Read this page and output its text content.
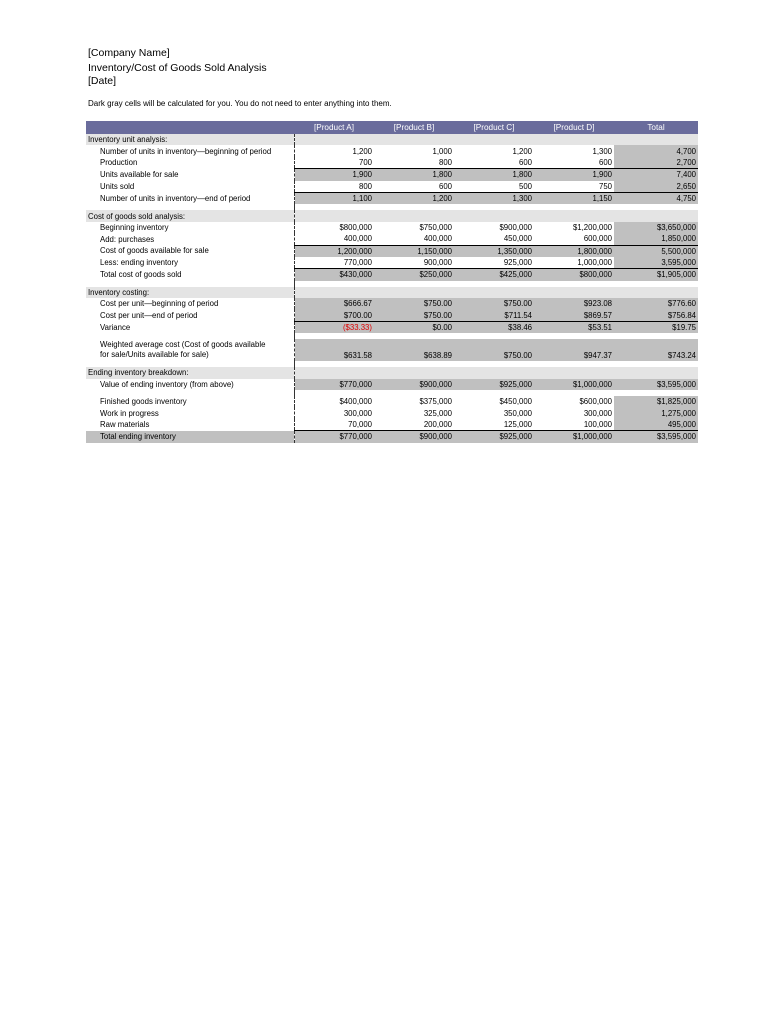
[Company Name]
Inventory/Cost of Goods Sold Analysis
[Date]
Dark gray cells will be calculated for you. You do not need to enter anything into them.
	[Product A]	[Product B]	[Product C]	[Product D]	Total
Inventory unit analysis:					
Number of units in inventory—beginning of period	1,200	1,000	1,200	1,300	4,700
Production	700	800	600	600	2,700
Units available for sale	1,900	1,800	1,800	1,900	7,400
Units sold	800	600	500	750	2,650
Number of units in inventory—end of period	1,100	1,200	1,300	1,150	4,750

Cost of goods sold analysis:					
Beginning inventory	$800,000	$750,000	$900,000	$1,200,000	$3,650,000
Add: purchases	400,000	400,000	450,000	600,000	1,850,000
Cost of goods available for sale	1,200,000	1,150,000	1,350,000	1,800,000	5,500,000
Less: ending inventory	770,000	900,000	925,000	1,000,000	3,595,000
Total cost of goods sold	$430,000	$250,000	$425,000	$800,000	$1,905,000

Inventory costing:					
Cost per unit—beginning of period	$666.67	$750.00	$750.00	$923.08	$776.60
Cost per unit—end of period	$700.00	$750.00	$711.54	$869.57	$756.84
Variance	($33.33)	$0.00	$38.46	$53.51	$19.75

Weighted average cost (Cost of goods available
for sale/Units available for sale)	$631.58	$638.89	$750.00	$947.37	$743.24

Ending inventory breakdown:					
Value of ending inventory (from above)	$770,000	$900,000	$925,000	$1,000,000	$3,595,000

Finished goods inventory	$400,000	$375,000	$450,000	$600,000	$1,825,000
Work in progress	300,000	325,000	350,000	300,000	1,275,000
Raw materials	70,000	200,000	125,000	100,000	495,000
Total ending inventory	$770,000	$900,000	$925,000	$1,000,000	$3,595,000
